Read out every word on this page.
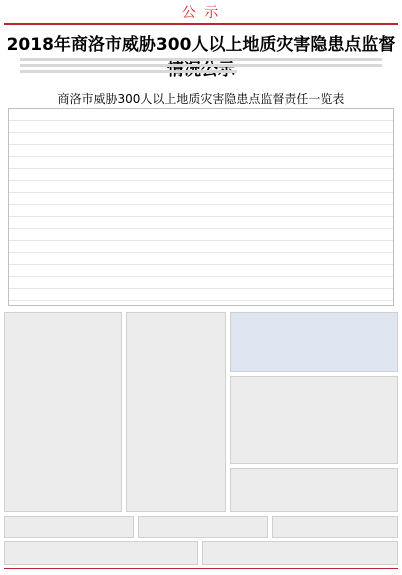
公 示
2018年商洛市威胁300人以上地质灾害隐患点监督
商洛市威胁300人以上地质灾害隐患点监督责任一览表
